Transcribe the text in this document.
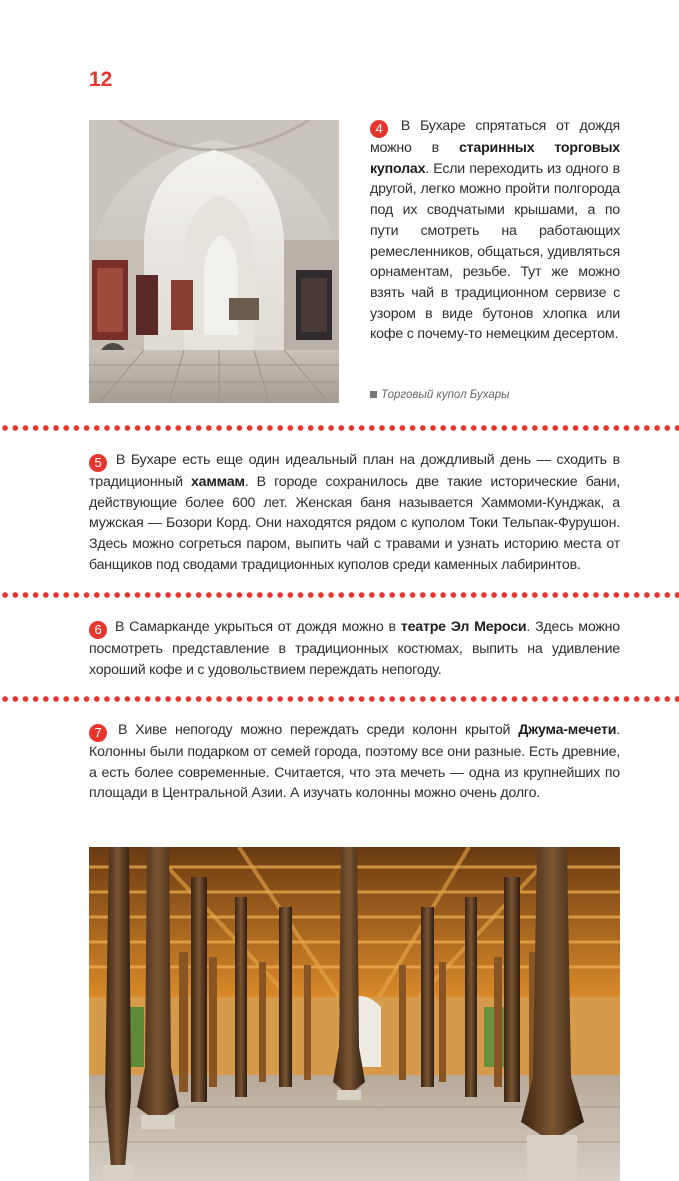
12
4 В Бухаре спрятаться от дождя можно в старинных торговых куполах. Если переходить из одного в другой, легко можно пройти полгорода под их сводчатыми крышами, а по пути смотреть на работающих ремесленников, общаться, удивляться орнаментам, резьбе. Тут же можно взять чай в традиционном сервизе с узором в виде бутонов хлопка или кофе с почему-то немецким десертом.
Торговый купол Бухары
5 В Бухаре есть еще один идеальный план на дождливый день — сходить в традиционный хаммам. В городе сохранилось две такие исторические бани, действующие более 600 лет. Женская баня называется Хаммоми-Кунджак, а мужская — Бозори Корд. Они находятся рядом с куполом Токи Тельпак-Фурушон. Здесь можно согреться паром, выпить чай с травами и узнать историю места от банщиков под сводами традиционных куполов среди каменных лабиринтов.
6 В Самарканде укрыться от дождя можно в театре Эл Мероси. Здесь можно посмотреть представление в традиционных костюмах, выпить на удивление хороший кофе и с удовольствием переждать непогоду.
7 В Хиве непогоду можно переждать среди колонн крытой Джума-мечети. Колонны были подарком от семей города, поэтому все они разные. Есть древние, а есть более современные. Считается, что эта мечеть — одна из крупнейших по площади в Центральной Азии. А изучать колонны можно очень долго.
